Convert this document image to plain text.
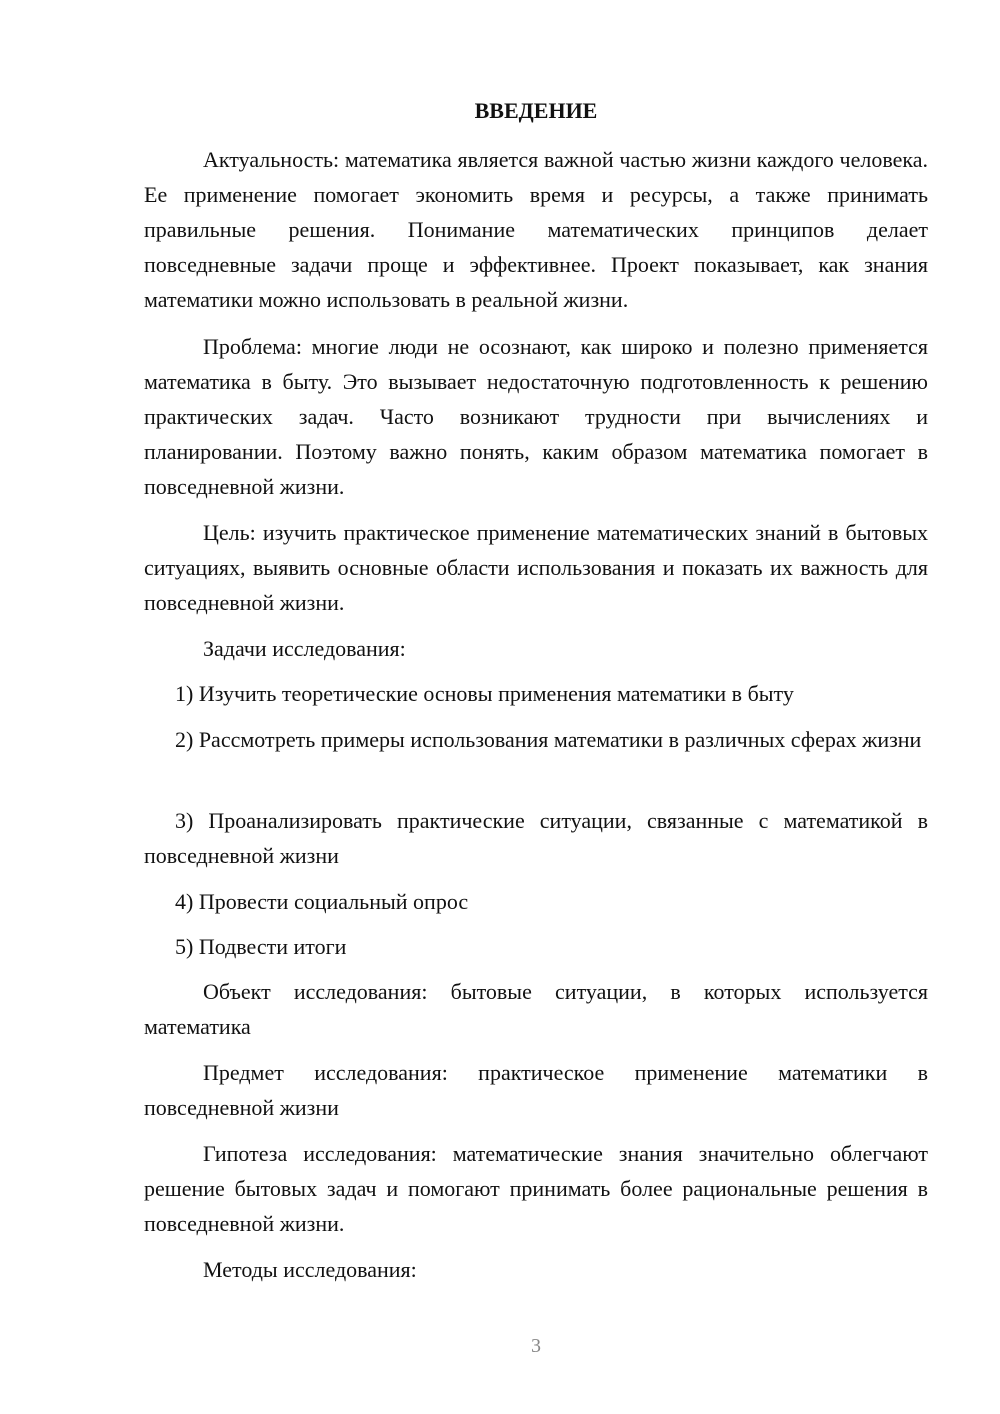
ВВЕДЕНИЕ

Актуальность: математика является важной частью жизни каждого человека. Ее применение помогает экономить время и ресурсы, а также принимать правильные решения. Понимание математических принципов делает повседневные задачи проще и эффективнее. Проект показывает, как знания математики можно использовать в реальной жизни.

Проблема: многие люди не осознают, как широко и полезно применяется математика в быту. Это вызывает недостаточную подготовленность к решению практических задач. Часто возникают трудности при вычислениях и планировании. Поэтому важно понять, каким образом математика помогает в повседневной жизни.

Цель: изучить практическое применение математических знаний в бытовых ситуациях, выявить основные области использования и показать их важность для повседневной жизни.

Задачи исследования:

1) Изучить теоретические основы применения математики в быту

2) Рассмотреть примеры использования математики в различных сферах жизни

3) Проанализировать практические ситуации, связанные с математикой в повседневной жизни

4) Провести социальный опрос

5) Подвести итоги

Объект исследования: бытовые ситуации, в которых используется математика

Предмет исследования: практическое применение математики в повседневной жизни

Гипотеза исследования: математические знания значительно облегчают решение бытовых задач и помогают принимать более рациональные решения в повседневной жизни.

Методы исследования:

3
